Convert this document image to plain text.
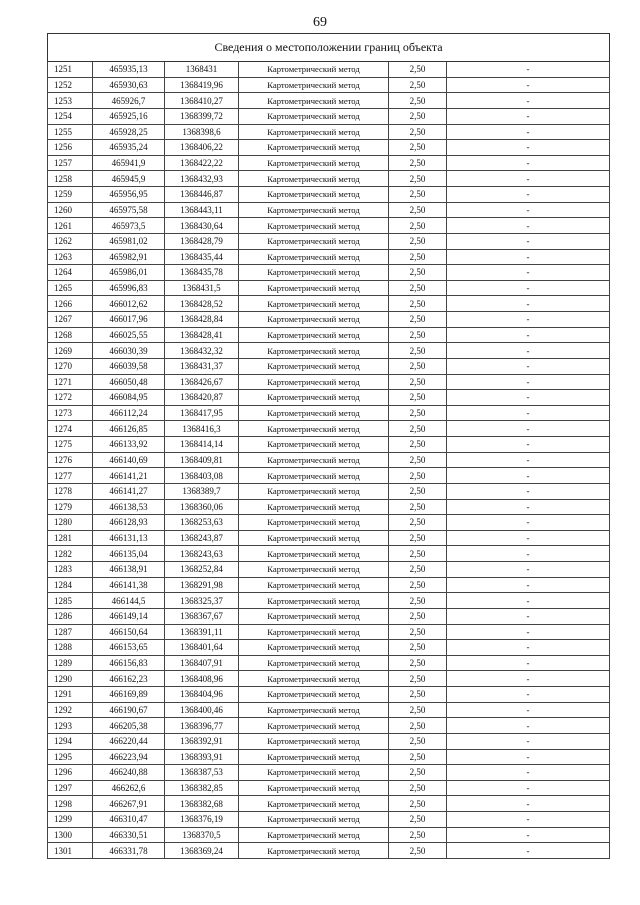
69
Сведения о местоположении границ объекта					
1251	465935,13	1368431	Картометрический метод	2,50	-
1252	465930,63	1368419,96	Картометрический метод	2,50	-
1253	465926,7	1368410,27	Картометрический метод	2,50	-
1254	465925,16	1368399,72	Картометрический метод	2,50	-
1255	465928,25	1368398,6	Картометрический метод	2,50	-
1256	465935,24	1368406,22	Картометрический метод	2,50	-
1257	465941,9	1368422,22	Картометрический метод	2,50	-
1258	465945,9	1368432,93	Картометрический метод	2,50	-
1259	465956,95	1368446,87	Картометрический метод	2,50	-
1260	465975,58	1368443,11	Картометрический метод	2,50	-
1261	465973,5	1368430,64	Картометрический метод	2,50	-
1262	465981,02	1368428,79	Картометрический метод	2,50	-
1263	465982,91	1368435,44	Картометрический метод	2,50	-
1264	465986,01	1368435,78	Картометрический метод	2,50	-
1265	465996,83	1368431,5	Картометрический метод	2,50	-
1266	466012,62	1368428,52	Картометрический метод	2,50	-
1267	466017,96	1368428,84	Картометрический метод	2,50	-
1268	466025,55	1368428,41	Картометрический метод	2,50	-
1269	466030,39	1368432,32	Картометрический метод	2,50	-
1270	466039,58	1368431,37	Картометрический метод	2,50	-
1271	466050,48	1368426,67	Картометрический метод	2,50	-
1272	466084,95	1368420,87	Картометрический метод	2,50	-
1273	466112,24	1368417,95	Картометрический метод	2,50	-
1274	466126,85	1368416,3	Картометрический метод	2,50	-
1275	466133,92	1368414,14	Картометрический метод	2,50	-
1276	466140,69	1368409,81	Картометрический метод	2,50	-
1277	466141,21	1368403,08	Картометрический метод	2,50	-
1278	466141,27	1368389,7	Картометрический метод	2,50	-
1279	466138,53	1368360,06	Картометрический метод	2,50	-
1280	466128,93	1368253,63	Картометрический метод	2,50	-
1281	466131,13	1368243,87	Картометрический метод	2,50	-
1282	466135,04	1368243,63	Картометрический метод	2,50	-
1283	466138,91	1368252,84	Картометрический метод	2,50	-
1284	466141,38	1368291,98	Картометрический метод	2,50	-
1285	466144,5	1368325,37	Картометрический метод	2,50	-
1286	466149,14	1368367,67	Картометрический метод	2,50	-
1287	466150,64	1368391,11	Картометрический метод	2,50	-
1288	466153,65	1368401,64	Картометрический метод	2,50	-
1289	466156,83	1368407,91	Картометрический метод	2,50	-
1290	466162,23	1368408,96	Картометрический метод	2,50	-
1291	466169,89	1368404,96	Картометрический метод	2,50	-
1292	466190,67	1368400,46	Картометрический метод	2,50	-
1293	466205,38	1368396,77	Картометрический метод	2,50	-
1294	466220,44	1368392,91	Картометрический метод	2,50	-
1295	466223,94	1368393,91	Картометрический метод	2,50	-
1296	466240,88	1368387,53	Картометрический метод	2,50	-
1297	466262,6	1368382,85	Картометрический метод	2,50	-
1298	466267,91	1368382,68	Картометрический метод	2,50	-
1299	466310,47	1368376,19	Картометрический метод	2,50	-
1300	466330,51	1368370,5	Картометрический метод	2,50	-
1301	466331,78	1368369,24	Картометрический метод	2,50	-
